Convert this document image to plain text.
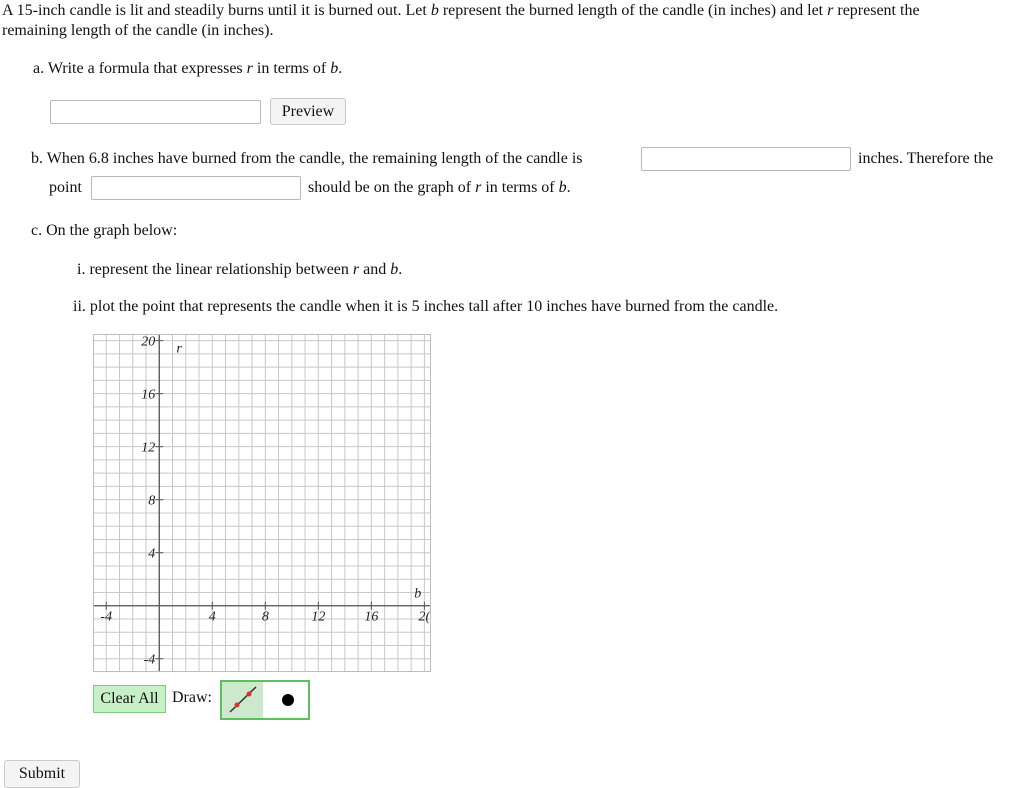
A 15-inch candle is lit and steadily burns until it is burned out. Let b represent the burned length of the candle (in inches) and let r represent the
remaining length of the candle (in inches).
a. Write a formula that expresses r in terms of b.
Preview
b. When 6.8 inches have burned from the candle, the remaining length of the candle is	inches. Therefore the
point	should be on the graph of r in terms of b.
c. On the graph below:
i. represent the linear relationship between r and b.
ii. plot the point that represents the candle when it is 5 inches tall after 10 inches have burned from the candle.
-4	4	8	12	16	2(
20
16
12
8
4
-4
b
r
Clear All Draw:
Submit
